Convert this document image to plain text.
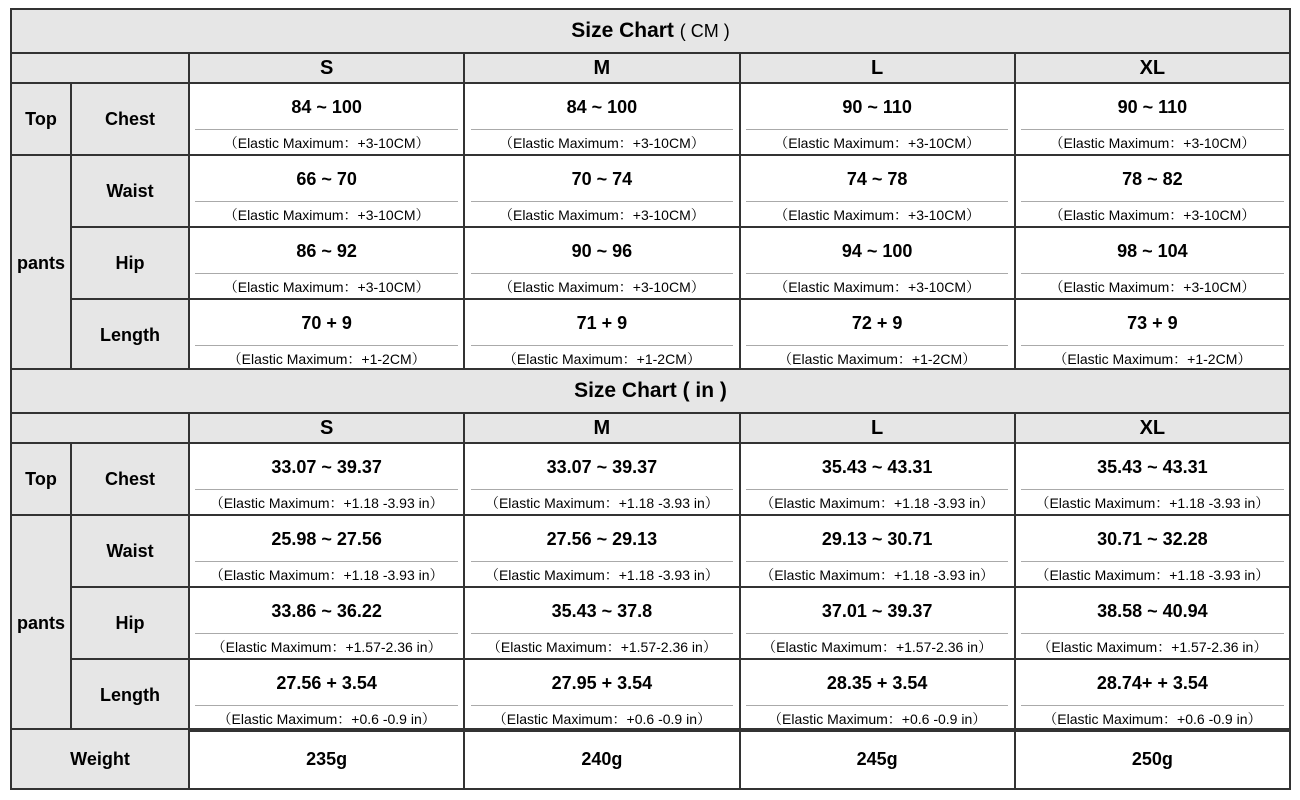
Size Chart ( CM )					
		S	M	L	XL
Top	Chest	84 ~ 100	84 ~ 100	90 ~ 110	90 ~ 110
		（Elastic Maximum：+3-10CM）	（Elastic Maximum：+3-10CM）	（Elastic Maximum：+3-10CM）	（Elastic Maximum：+3-10CM）
pants	Waist	66 ~ 70	70 ~ 74	74 ~ 78	78 ~ 82
		（Elastic Maximum：+3-10CM）	（Elastic Maximum：+3-10CM）	（Elastic Maximum：+3-10CM）	（Elastic Maximum：+3-10CM）
	Hip	86 ~ 92	90 ~ 96	94 ~ 100	98 ~ 104
		（Elastic Maximum：+3-10CM）	（Elastic Maximum：+3-10CM）	（Elastic Maximum：+3-10CM）	（Elastic Maximum：+3-10CM）
	Length	70 + 9	71 + 9	72 + 9	73 + 9
		（Elastic Maximum：+1-2CM）	（Elastic Maximum：+1-2CM）	（Elastic Maximum：+1-2CM）	（Elastic Maximum：+1-2CM）
Size Chart ( in )					
		S	M	L	XL
Top	Chest	33.07 ~ 39.37	33.07 ~ 39.37	35.43 ~ 43.31	35.43 ~ 43.31
		（Elastic Maximum：+1.18 -3.93 in）	（Elastic Maximum：+1.18 -3.93 in）	（Elastic Maximum：+1.18 -3.93 in）	（Elastic Maximum：+1.18 -3.93 in）
pants	Waist	25.98 ~ 27.56	27.56 ~ 29.13	29.13 ~ 30.71	30.71 ~ 32.28
		（Elastic Maximum：+1.18 -3.93 in）	（Elastic Maximum：+1.18 -3.93 in）	（Elastic Maximum：+1.18 -3.93 in）	（Elastic Maximum：+1.18 -3.93 in）
	Hip	33.86 ~ 36.22	35.43 ~ 37.8	37.01 ~ 39.37	38.58 ~ 40.94
		（Elastic Maximum：+1.57-2.36 in）	（Elastic Maximum：+1.57-2.36 in）	（Elastic Maximum：+1.57-2.36 in）	（Elastic Maximum：+1.57-2.36 in）
	Length	27.56 + 3.54	27.95 + 3.54	28.35 + 3.54	28.74+ + 3.54
		（Elastic Maximum：+0.6 -0.9 in）	（Elastic Maximum：+0.6 -0.9 in）	（Elastic Maximum：+0.6 -0.9 in）	（Elastic Maximum：+0.6 -0.9 in）
Weight	235g	240g	245g	250g
